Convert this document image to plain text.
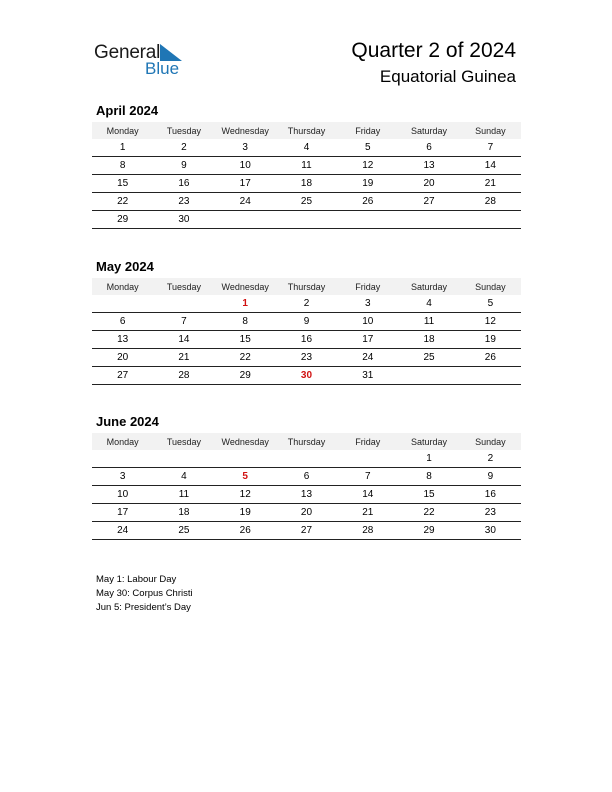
General
Blue
Quarter 2 of 2024
Equatorial Guinea
April 2024
Monday	Tuesday	Wednesday	Thursday	Friday	Saturday	Sunday
1	2	3	4	5	6	7
8	9	10	11	12	13	14
15	16	17	18	19	20	21
22	23	24	25	26	27	28
29	30					
May 2024
Monday	Tuesday	Wednesday	Thursday	Friday	Saturday	Sunday
		1	2	3	4	5
6	7	8	9	10	11	12
13	14	15	16	17	18	19
20	21	22	23	24	25	26
27	28	29	30	31		
June 2024
Monday	Tuesday	Wednesday	Thursday	Friday	Saturday	Sunday
					1	2
3	4	5	6	7	8	9
10	11	12	13	14	15	16
17	18	19	20	21	22	23
24	25	26	27	28	29	30
May 1: Labour Day
May 30: Corpus Christi
Jun 5: President’s Day
